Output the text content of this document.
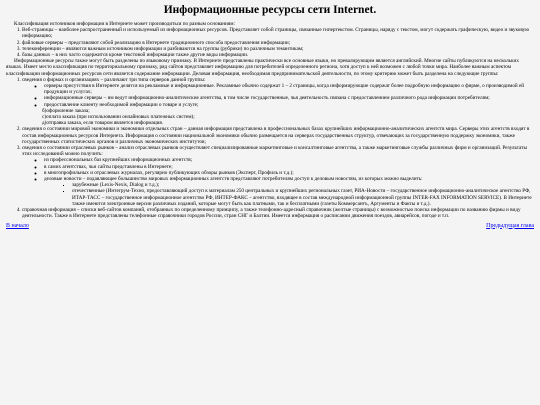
Информационные ресурсы сети Internet.

Классификация источников информации в Интернете может производиться по разным основаниям:

1. Веб-страницы – наиболее распространенный и используемый из информационных ресурсов. Представляет собой страницы, связанные гипертекстом. Страницы, наряду с текстом, могут содержать графическую, видео и звуковую информацию;
2. файловые серверы – представляют собой реализацию в Интернете традиционного способа предоставления информации;
3. телеконференции – являются важным источником информации и разбиваются на группы (рубрики) по различным темантикам;
4. базы данных – в них часто содержится кроме текстовой информации также другие виды информации.

Информационные ресурсы также могут быть разделены по языковому признаку. В Интернете представлены практически все основные языки, но превалирующим является английский. Многие сайты публикуются на нескольких языках. Имеет место классификация по территориальному признаку, ряд сайтов представляет информацию для потребителей определенного региона, хотя доступ к ней возможен с любой точки мира. Наиболее важным аспектом классификации информационных ресурсов сети является содержание информации. Деловая информация, необходимая предпринимательской деятельности, по этому критерию может быть разделена на следующие группы:

1. сведения о фирмах и организациях – различают три типа серверов данной группы:
◦ серверы присутствия в Интернете делятся на рекламные и информационные. Рекламные обычно содержат 1 – 2 страницы, когда информирующие содержат более подробную информацию о фирме, о производимой ей продукции и услугах;
◦ информационные серверы – им ведут информационно-аналитические агентства, в том числе государственные, чья деятельность связана с предоставлением различного рода информации потребителям;
◦ предоставление клиенту необходимой информации о товаре и услуге;
б)оформление заказа;
с)оплата заказа (при использовании онлайновых платежных систем);
д)отправка заказа, если товаром является информация.
2. сведения о состоянии мировой экономики и экономики отдельных стран – данная информация представлена в профессиональных базах крупнейших информационно-аналитических агентств мира. Серверы этих агентств входят в состав информационных ресурсов Интернета. Информация о состоянии национальной экономики обычно размещается на серверах государственных структур, отвечающих за государственную поддержку экономики, также государственных статистических органов и различных экономических институтов;
3. сведения о состоянии отраслевых рынков – анализ отраслевых рынков осуществляет специализированные маркетинговые и консалтинговые агентства, а также маркетинговые службы различных фирм и организаций. Результаты этих исследований можно получить:
◦ из профессиональных баз крупнейших информационных агентств;
◦ в самих агентствах, чьи сайты представлены в Интернете;
◦ в многопрофильных и отраслевых журналах, регулярно публикующих обзоры рынков (Эксперт, Профиль и т.д.);
◦ деловые новости – подавляющее большинство мировых информационных агентств представляют потребителям доступ к деловым новостям, из которых можно выделить:
▪ зарубежные (Lexis-Nexis, Dialog и т.д.);
▪ отечественные (Интегрум-Техно, предоставляющий доступ к материалам 250 центральных и крупнейших региональных газет, РИА-Новости – государственное информационно-аналитическое агентство РФ, ИТАР-ТАСС – государственное информационное агентство РФ, ИНТЕР-ФАКС – агентство, входящее в состав международной информационной группы INTER-FAX INFORMATION SERVICE). В Интернете также имеются электронные версии различных изданий, которые могут быть как платными, так и бесплатными (газеты Коммерсантъ, Аргументы и Факты и т.д.).
4. справочная информация – списки веб-сайтов компаний, отобранных по определенному принципу, а также телефонно-адресный справочник (желтые страницы) с возможностью поиска информации по названию фирмы и виду деятельности. Также в Интернете представлены телефонные справочники городов России, стран СНГ и Балтии. Имеется информация о расписании движения поездов, авиарейсов, погоде и т.п.
В начало	Предыдущая глава
